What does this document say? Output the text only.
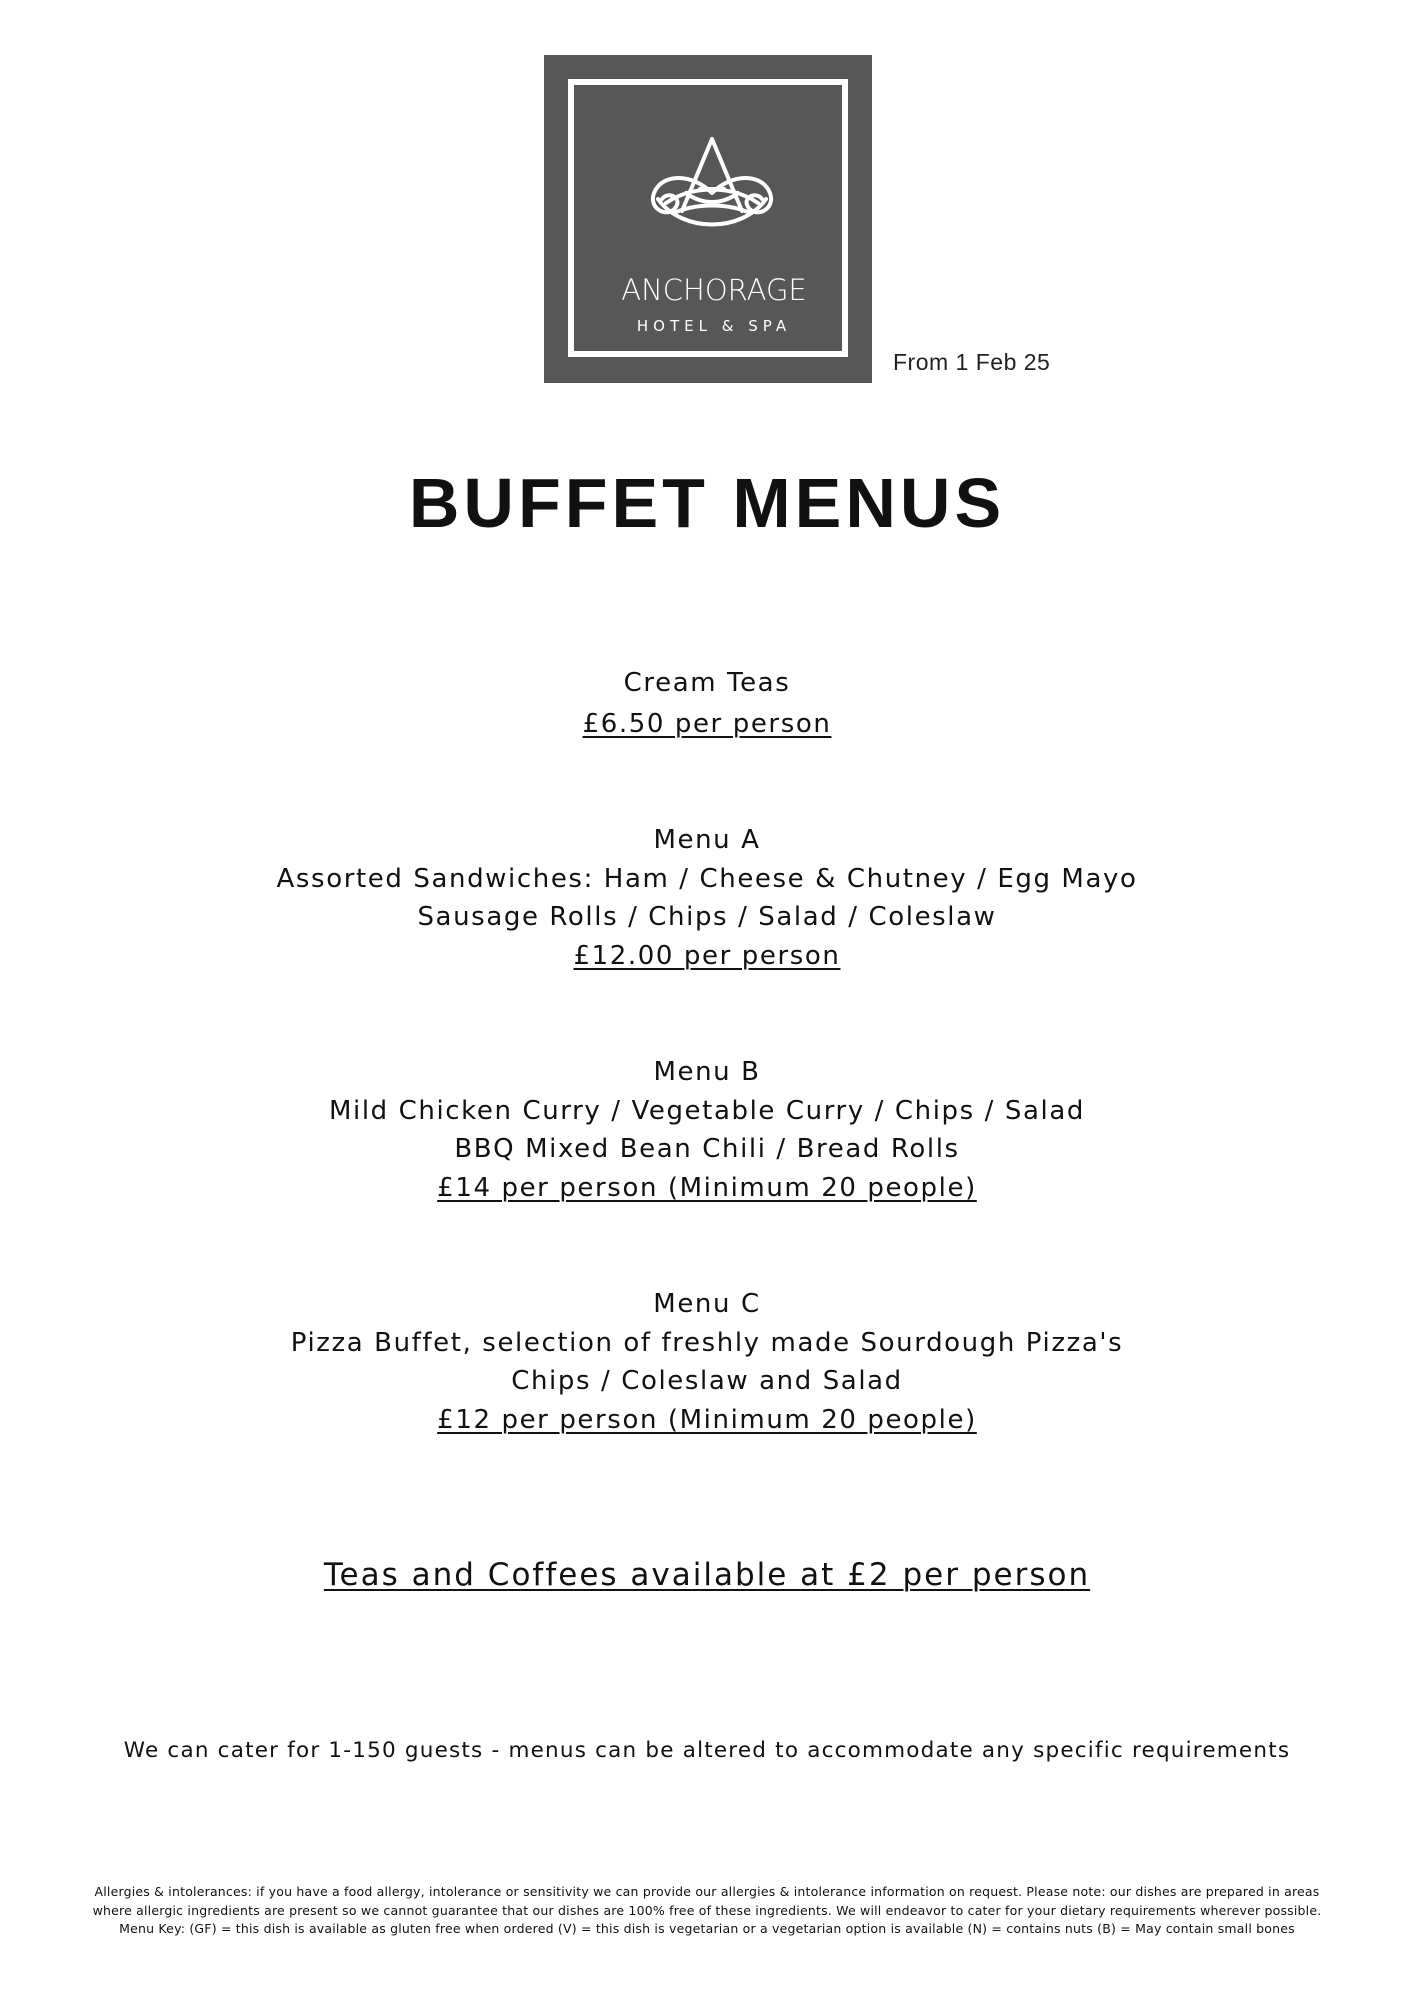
ANCHORAGE
HOTEL & SPA
From 1 Feb 25
BUFFET MENUS
Cream Teas
£6.50 per person
Menu A
Assorted Sandwiches: Ham / Cheese & Chutney / Egg Mayo
Sausage Rolls / Chips / Salad / Coleslaw
£12.00 per person
Menu B
Mild Chicken Curry / Vegetable Curry / Chips / Salad
BBQ Mixed Bean Chili / Bread Rolls
£14 per person (Minimum 20 people)
Menu C
Pizza Buffet, selection of freshly made Sourdough Pizza's
Chips / Coleslaw and Salad
£12 per person (Minimum 20 people)
Teas and Coffees available at £2 per person
We can cater for 1-150 guests - menus can be altered to accommodate any specific requirements
Allergies & intolerances: if you have a food allergy, intolerance or sensitivity we can provide our allergies & intolerance information on request. Please note: our dishes are prepared in areas where allergic ingredients are present so we cannot guarantee that our dishes are 100% free of these ingredients. We will endeavor to cater for your dietary requirements wherever possible. Menu Key: (GF) = this dish is available as gluten free when ordered (V) = this dish is vegetarian or a vegetarian option is available (N) = contains nuts (B) = May contain small bones
